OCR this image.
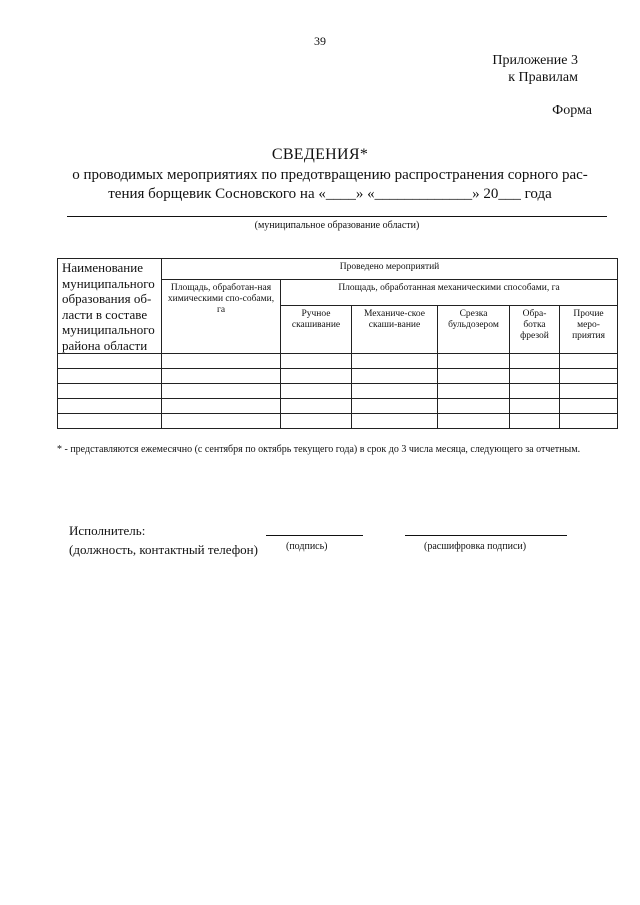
39
Приложение 3
к Правилам
Форма
СВЕДЕНИЯ*
о проводимых мероприятиях по предотвращению распространения сорного рас-
тения борщевик Сосновского на «____» «_____________» 20___ года
(муниципальное образование области)
Наименование муниципального образования об-ласти в составе муниципального района области	Проведено мероприятий					
	Площадь, обработан-ная химическими спо-собами, га	Площадь, обработанная механическими способами, га				
		Ручное скашивание	Механиче-ское скаши-вание	Срезка бульдозером	Обра-ботка фрезой	Прочие меро-приятия

* - представляются ежемесячно (с сентября по октябрь текущего года) в срок до 3 числа месяца, следующего за отчетным.
Исполнитель:
(должность, контактный телефон)	(подпись)	(расшифровка подписи)
